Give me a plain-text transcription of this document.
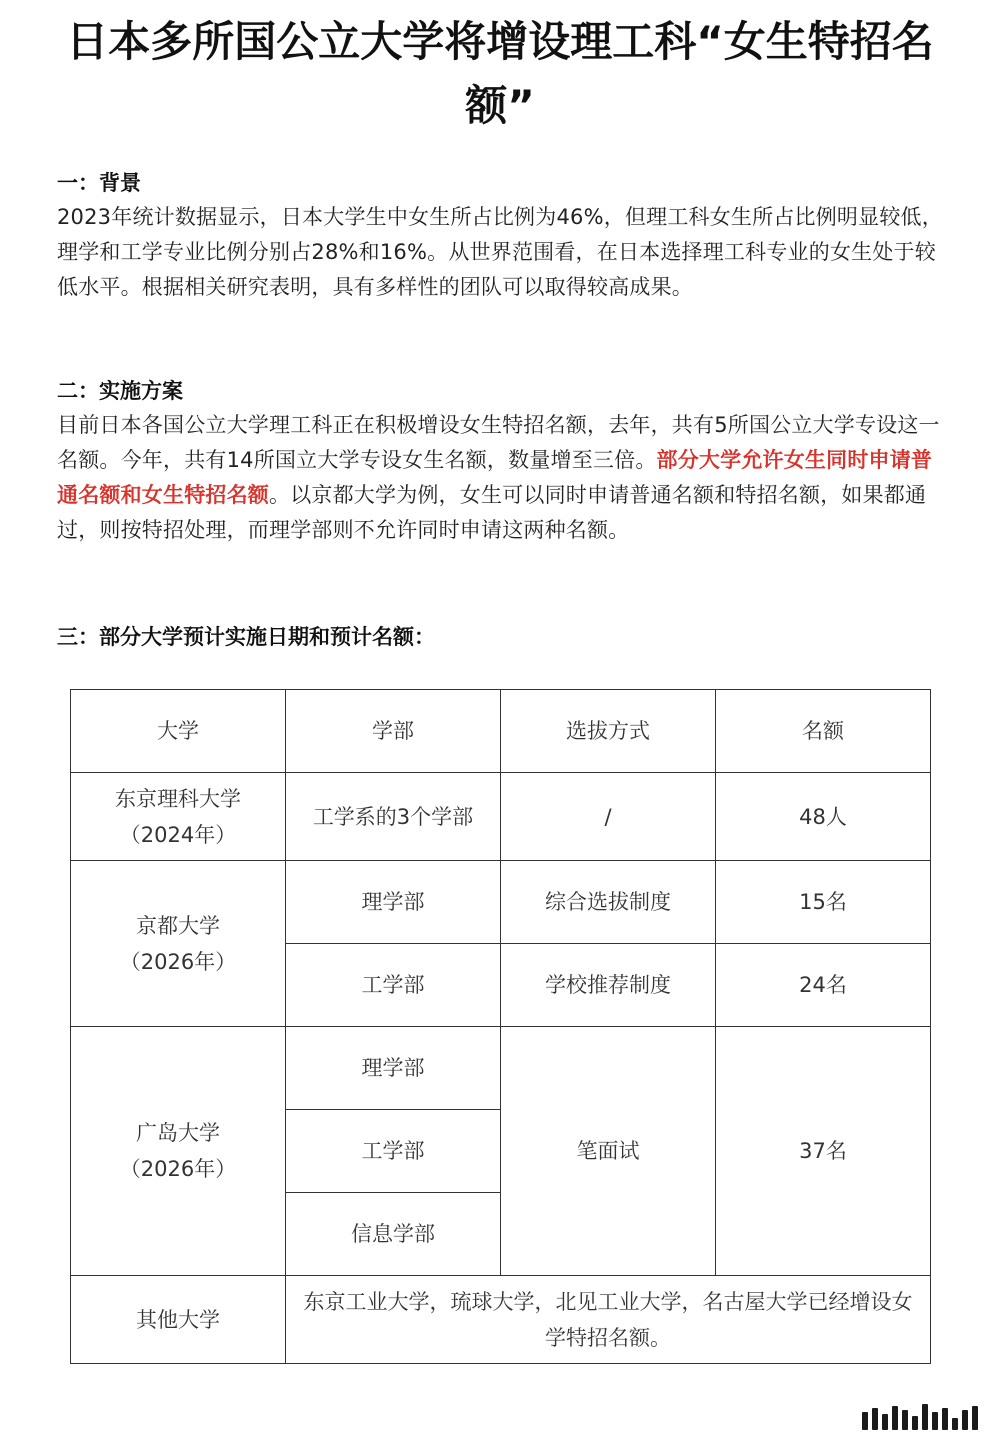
日本多所国公立大学将增设理工科“女生特招名额”

一：背景

2023年统计数据显示，日本大学生中女生所占比例为46%，但理工科女生所占比例明显较低，理学和工学专业比例分别占28%和16%。从世界范围看，在日本选择理工科专业的女生处于较低水平。根据相关研究表明，具有多样性的团队可以取得较高成果。

二：实施方案

目前日本各国公立大学理工科正在积极增设女生特招名额，去年，共有5所国公立大学专设这一名额。今年，共有14所国立大学专设女生名额，数量增至三倍。部分大学允许女生同时申请普通名额和女生特招名额。以京都大学为例，女生可以同时申请普通名额和特招名额，如果都通过，则按特招处理，而理学部则不允许同时申请这两种名额。

三：部分大学预计实施日期和预计名额：

大学	学部	选拔方式	名额

东京理科大学
（2024年）	工学系的3个学部	/	48人

京都大学
（2026年）	理学部	综合选拔制度	15名
	工学部	学校推荐制度	24名

广岛大学
（2026年）	理学部	笔面试	37名
	工学部		
	信息学部		
其他大学	东京工业大学，琉球大学，北见工业大学，名古屋大学已经增设女学特招名额。		
